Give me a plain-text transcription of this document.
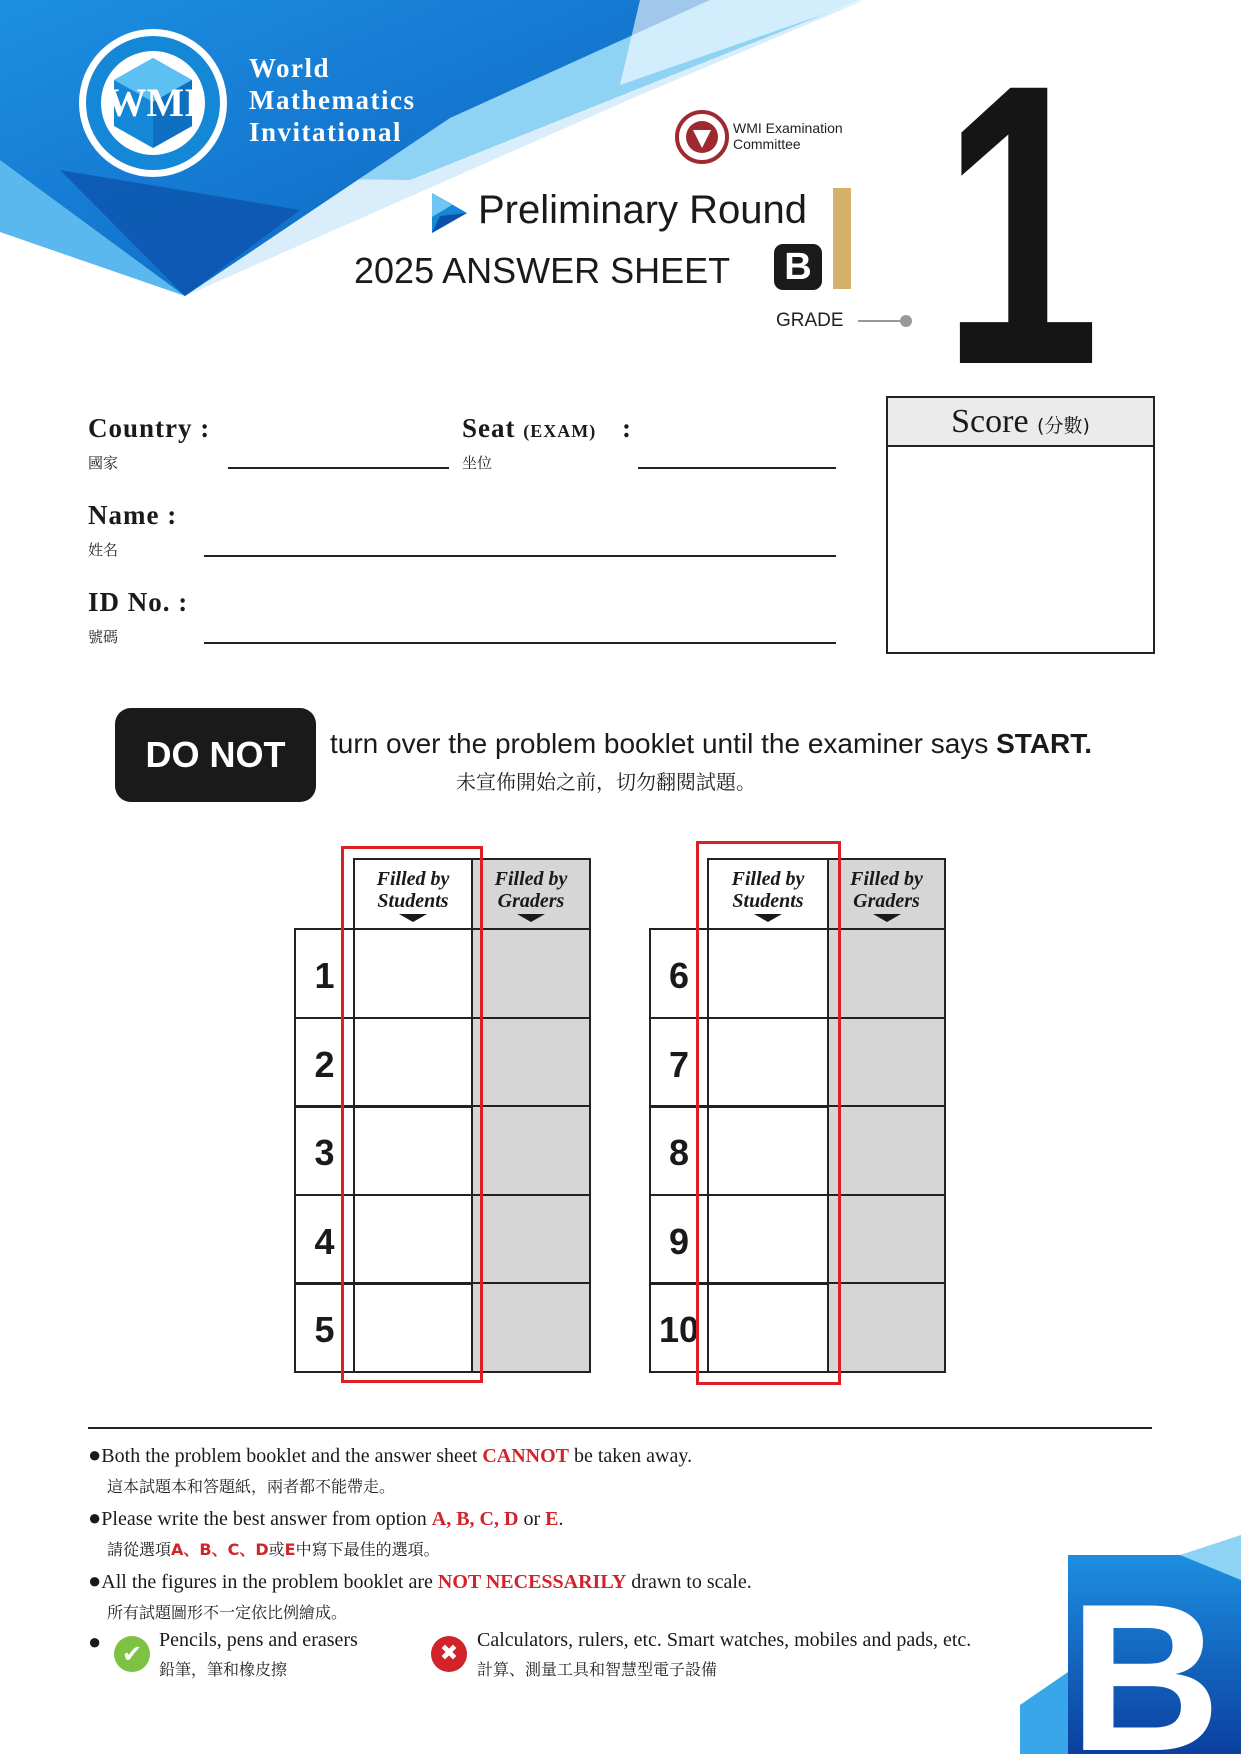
WMI
World
Mathematics
Invitational	WMI Examination
Committee
Preliminary Round
2025 ANSWER SHEET B
GRADE 1
Country :
國家
Seat (EXAM) :
坐位
Name :
姓名
ID No. :
號碼
Score (分數)
DO NOT	turn over the problem booklet until the examiner says START.
未宣佈開始之前，切勿翻閱試題。
Filled by
Students
Filled by
Graders
1
2
3
4
5
Filled by
Students
Filled by
Graders
6
7
8
9
10
●Both the problem booklet and the answer sheet CANNOT be taken away.
這本試題本和答題紙，兩者都不能帶走。
●Please write the best answer from option A, B, C, D or E.
請從選項A、B、C、D或E中寫下最佳的選項。
●All the figures in the problem booklet are NOT NECESSARILY drawn to scale.
所有試題圖形不一定依比例繪成。
● ✔ Pencils, pens and erasers
鉛筆，筆和橡皮擦
✖
Calculators, rulers, etc. Smart watches, mobiles and pads, etc.
計算、測量工具和智慧型電子設備 B
